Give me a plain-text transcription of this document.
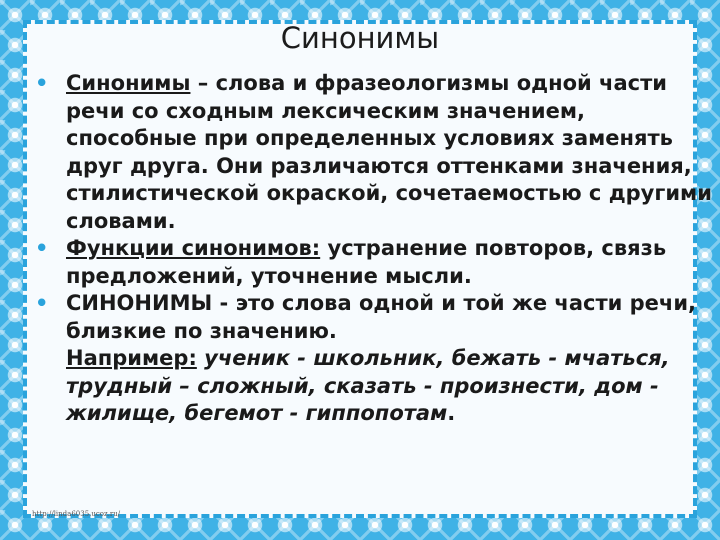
Синонимы

• Синонимы – слова и фразеологизмы одной части речи со сходным лексическим значением, способные при определенных условиях заменять друг друга. Они различаются оттенками значения, стилистической окраской, сочетаемостью с другими словами.

• Функции синонимов: устранение повторов, связь предложений, уточнение мысли.

• СИНОНИМЫ - это слова одной и той же части речи, близкие по значению.
Например: ученик - школьник, бежать - мчаться, трудный – сложный, сказать - произнести, дом - жилище, бегемот - гиппопотам.

http://linda6035.ucoz.ru/
